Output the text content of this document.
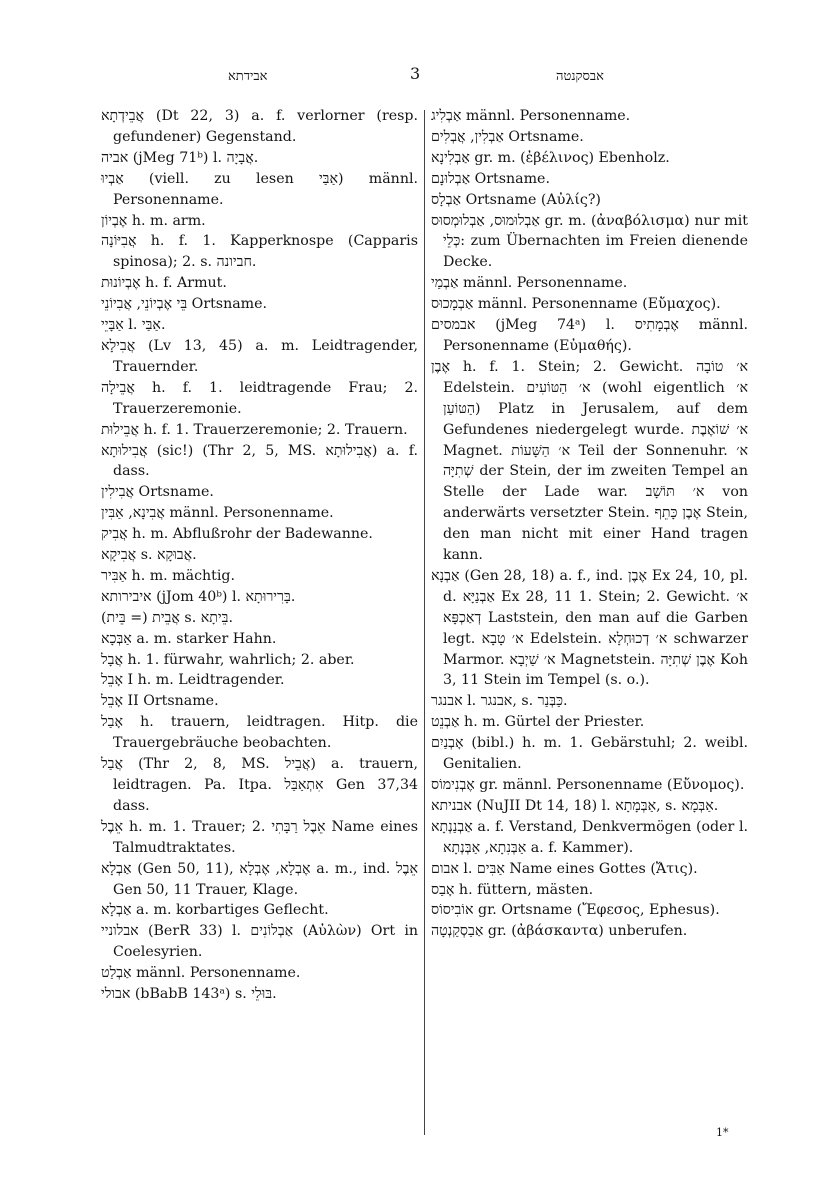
אבידתא	3	אבסקנטה

אֲבֵידְתָא (Dt 22, 3) a. f. verlorner (resp. gefundener) Gegenstand.

אביה (jMeg 71ᵇ) l. אֲבָיָה.

אַבְיוּ (viell. zu lesen אַבַּי) männl. Personenname.

אֶבְיוֹן h. m. arm.

אֲבִיּוֹנָה h. f. 1. Kapperknospe (Capparis spinosa); 2. s. חביונה.

אֶבְיוֹנוּת h. f. Armut.

בֵּי אֶבְיוֹנֵי, אֲבִיוֹנֵי Ortsname.

אַבָּיֵי l. אַבַּי.

אֲבִילָא (Lv 13, 45) a. m. Leidtragender, Trauernder.

אֲבֵילָה h. f. 1. leidtragende Frau; 2. Trauerzeremonie.

אֲבֵילוּת h. f. 1. Trauerzeremonie; 2. Trauern.

אֲבִילוּתָא (sic!) (Thr 2, 5, MS. אֲבִילוּתָא) a. f. dass.

אֲבִילִין Ortsname.

אֲבִינָא, אַבִּין männl. Personenname.

אֲבִיק h. m. Abflußrohr der Badewanne.

אֲבִיקָא s. אֲבוּקָא.

אַבִּיר h. m. mächtig.

איבירותא (jJom 40ᵇ) l. בָּרִירוּתָא.

אֲבֵית (= בֵּית) s. בֵּיתָא.

אַבְּכָא a. m. starker Hahn.

אֲבָל h. 1. fürwahr, wahrlich; 2. aber.

אָבֵל I h. m. Leidtragender.

אָבֵל II Ortsname.

אָבַל h. trauern, leidtragen. Hitp. die Trauergebräuche beobachten.

אֲבַל (Thr 2, 8, MS. אֲבֵיל) a. trauern, leidtragen. Pa. Itpa. אִתְאַבַּל Gen 37,34 dass.

אֵבֶל h. m. 1. Trauer; 2. אֵבֶל רַבָּתִי Name eines Talmudtraktates.

אַבְלָא (Gen 50, 11), אֶבְלָא, אֶבְלָא a. m., ind. אֵבֶל Gen 50, 11 Trauer, Klage.

אַבְלָא a. m. korbartiges Geflecht.

אבלוניי (BerR 33) l. אַבְלוֹנִים (Αὐλὼν) Ort in Coelesyrien.

אַבְלַט männl. Personenname.

אבולי (bBabB 143ᵃ) s. בּוּלֵי.

אַבְלִיג männl. Personenname.

אַבְלִין, אֲבְלִים Ortsname.

אַבְלִינָא gr. m. (ἐβέλινος) Ebenholz.

אַבְלוּנָם Ortsname.

אַבְלָס Ortsname (Αὐλίς?)

אַבְלוּמוּס, אַבְלוּמְסוּס gr. m. (ἀναβόλισμα) nur mit כְּלֵי: zum Übernachten im Freien dienende Decke.

אַבְמַי männl. Personenname.

אַבְמָכוּס männl. Personenname (Εὔμαχος).

אבמסים (jMeg 74ᵃ) l. אֶבְמָתִיס männl. Personenname (Εὐμαθής).

אֶבֶן h. f. 1. Stein; 2. Gewicht. א׳ טוֹבָה Edelstein. א׳ הַטּוֹעִים (wohl eigentlich א׳ הַטּוֹעַן) Platz in Jerusalem, auf dem Gefundenes niedergelegt wurde. א׳ שׁוֹאֶבֶת Magnet. א׳ הַשָּׁעוֹת Teil der Sonnenuhr. א׳ שְׁתִיָּה der Stein, der im zweiten Tempel an Stelle der Lade war. א׳ תּוֹשָׁב von anderwärts versetzter Stein. אֶבֶן כָּתֵף Stein, den man nicht mit einer Hand tragen kann.

אַבְנָא (Gen 28, 18) a. f., ind. אֶבֶן Ex 24, 10, pl. d. אַבְנַיָּא Ex 28, 11 1. Stein; 2. Gewicht. א׳ דְאַכְפָּא Laststein, den man auf die Garben legt. א׳ טָבָא Edelstein. א׳ דְכוּחְלָא schwarzer Marmor. א׳ שַׁיְבָא Magnetstein. אֶבֶן שְׁתִיָּה Koh 3, 11 Stein im Tempel (s. o.).

אבנגר l. אבנגר, s. כַּבְּנַר.

אַבְנֵט h. m. Gürtel der Priester.

אָבְנַיִם (bibl.) h. m. 1. Gebärstuhl; 2. weibl. Genitalien.

אֶבְנִימוֹס gr. männl. Personenname (Εὔνομος).

אבניתא (NuJII Dt 14, 18) l. אַבְּמָתָא, s. אַבְּמָא.

אַבְנַנְתָא a. f. Verstand, Denkvermögen (oder l. אַבְּנִתָא, אַבְּנְתָא a. f. Kammer).

אבום l. אַבִּים Name eines Gottes (Ἄτις).

אָבַס h. füttern, mästen.

אוֹבִיסוֹס gr. Ortsname (Ἔφεσος, Ephesus).

אַבַסְקַנְטָה gr. (ἀβάσκαντα) unberufen.

1*
